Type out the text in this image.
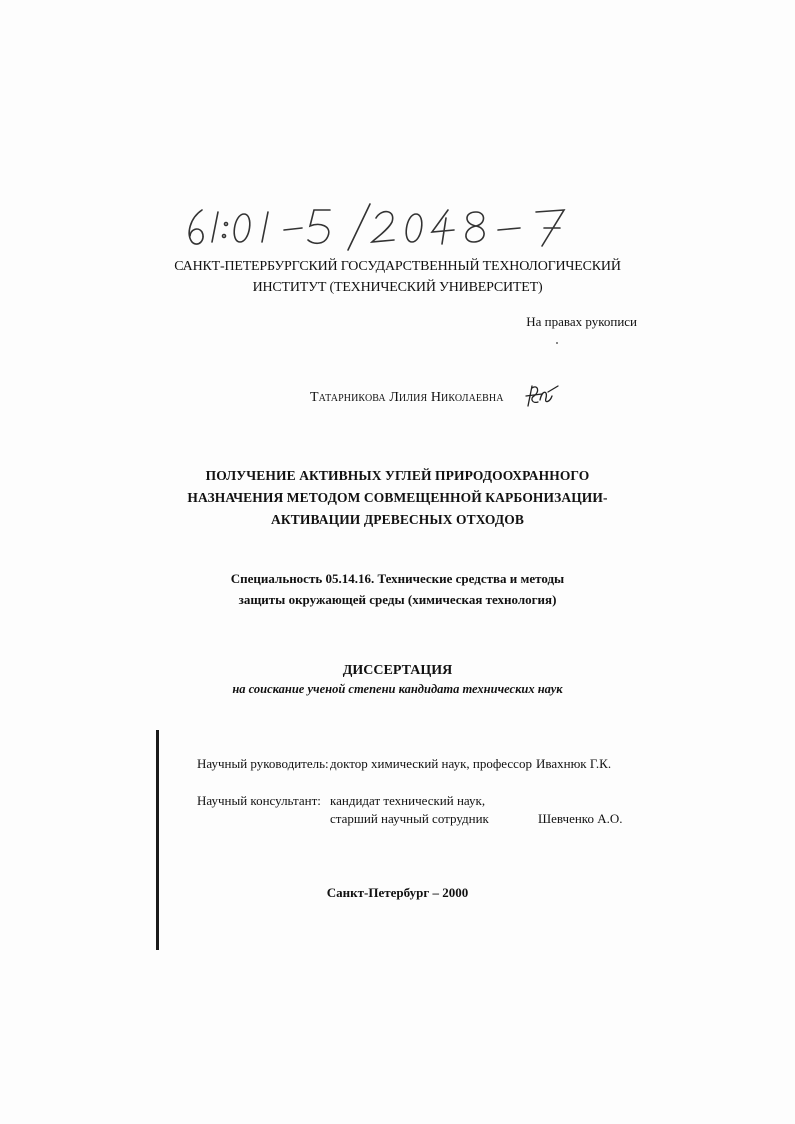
САНКТ-ПЕТЕРБУРГСКИЙ ГОСУДАРСТВЕННЫЙ ТЕХНОЛОГИЧЕСКИЙ
ИНСТИТУТ (ТЕХНИЧЕСКИЙ УНИВЕРСИТЕТ)
На правах рукописи
Татарникова Лилия Николаевна
ПОЛУЧЕНИЕ АКТИВНЫХ УГЛЕЙ ПРИРОДООХРАННОГО
НАЗНАЧЕНИЯ МЕТОДОМ СОВМЕЩЕННОЙ КАРБОНИЗАЦИИ-
АКТИВАЦИИ ДРЕВЕСНЫХ ОТХОДОВ
Специальность 05.14.16. Технические средства и методы
защиты окружающей среды (химическая технология)
ДИССЕРТАЦИЯ
на соискание ученой степени кандидата технических наук
Научный руководитель: доктор химический наук, профессор Ивахнюк Г.К.
Научный консультант: кандидат технический наук,
старший научный сотрудник	Шевченко А.О.
Санкт-Петербург – 2000
